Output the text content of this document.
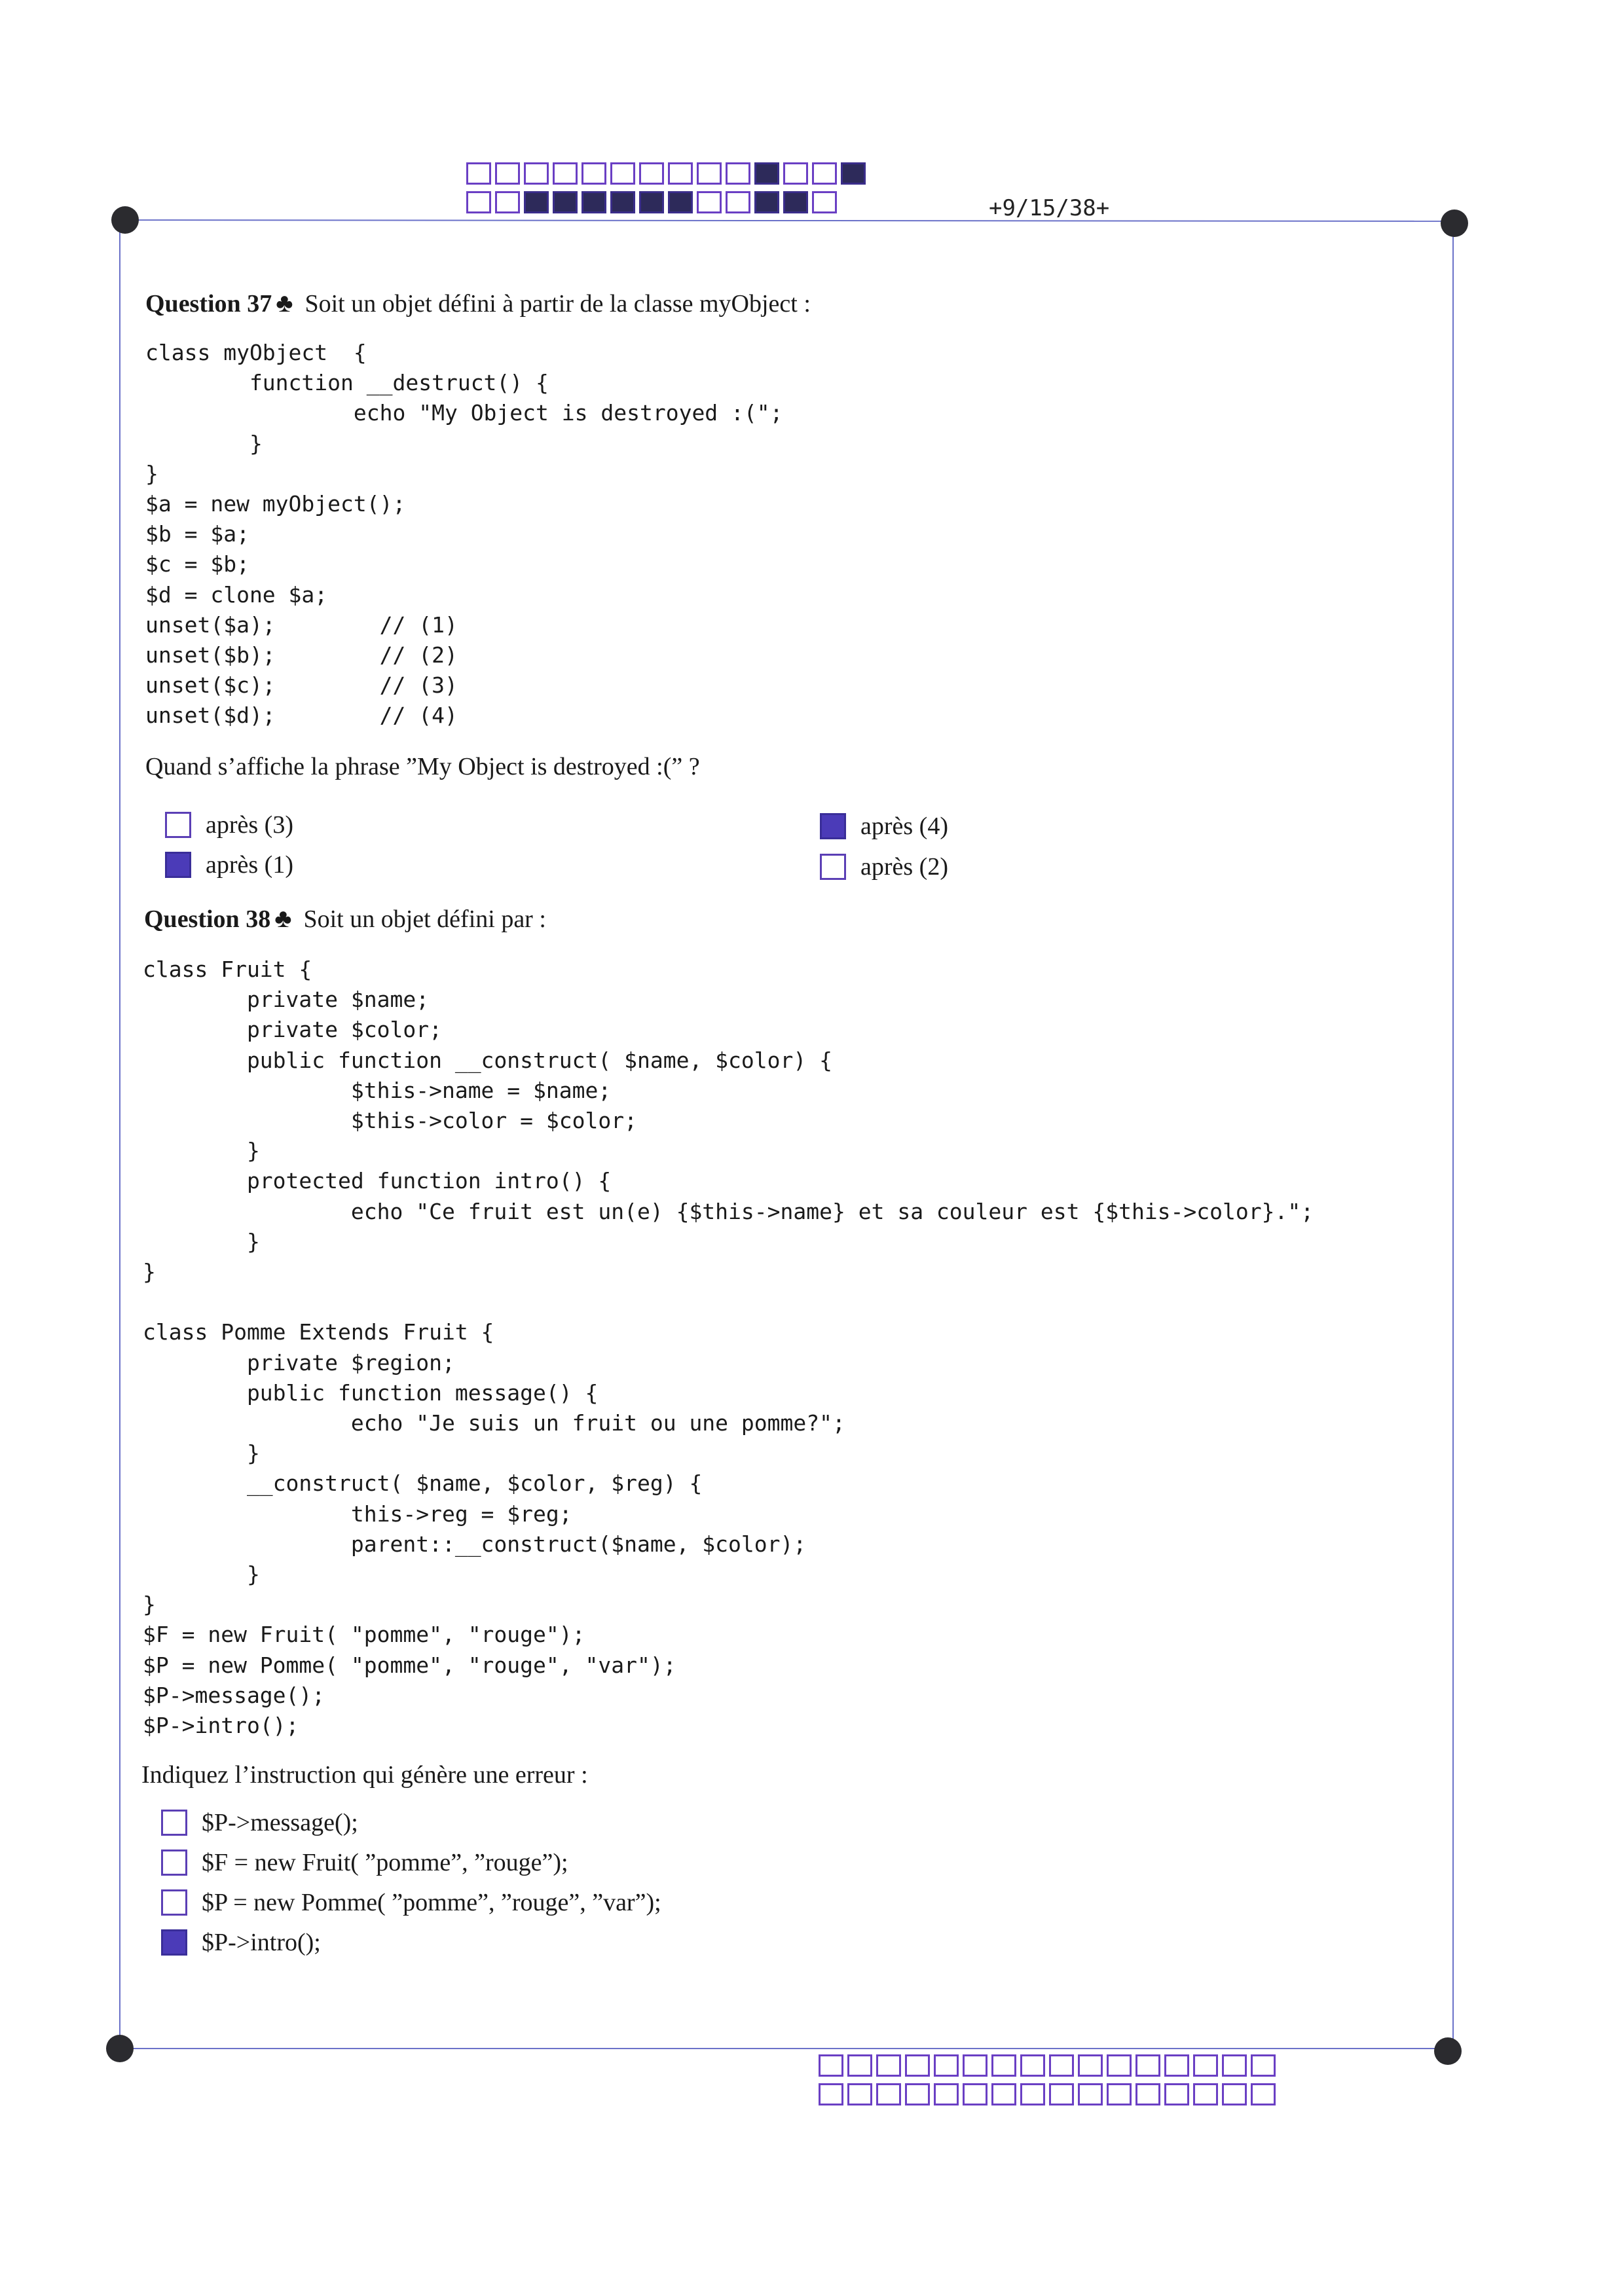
+9/15/38+
Question 37 ♣ Soit un objet défini à partir de la classe myObject :
class myObject  {
function __destruct() {
echo "My Object is destroyed :(";
}
}
$a = new myObject();
$b = $a;
$c = $b;
$d = clone $a;
unset($a);        // (1)
unset($b);        // (2)
unset($c);        // (3)
unset($d);        // (4)
Quand s’affiche la phrase ”My Object is destroyed :(” ?
après (3)
après (1)
après (4)
après (2)
Question 38 ♣ Soit un objet défini par :
class Fruit {
private $name;
private $color;
public function __construct( $name, $color) {
$this->name = $name;
$this->color = $color;
}
protected function intro() {
echo "Ce fruit est un(e) {$this->name} et sa couleur est {$this->color}.";
}
}

class Pomme Extends Fruit {
private $region;
public function message() {
echo "Je suis un fruit ou une pomme?";
}
__construct( $name, $color, $reg) {
this->reg = $reg;
parent::__construct($name, $color);
}
}
$F = new Fruit( "pomme", "rouge");
$P = new Pomme( "pomme", "rouge", "var");
$P->message();
$P->intro();
Indiquez l’instruction qui génère une erreur :
$P->message();
$F = new Fruit( ”pomme”, ”rouge”);
$P = new Pomme( ”pomme”, ”rouge”, ”var”);
$P->intro();
